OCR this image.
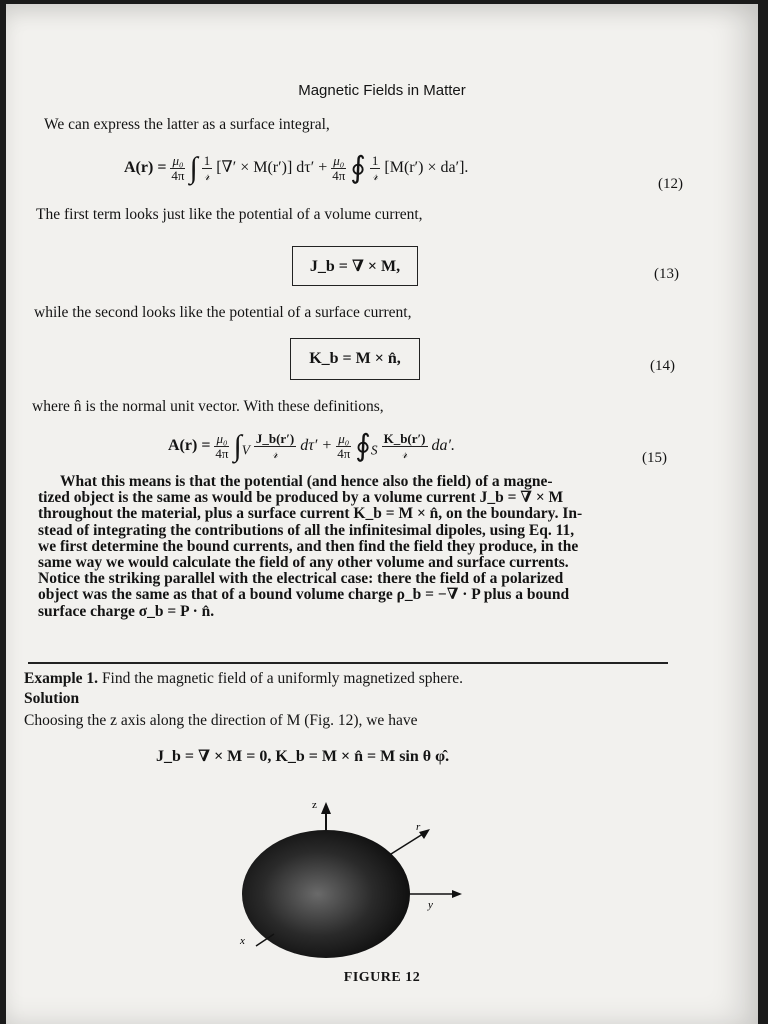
Magnetic Fields in Matter
We can express the latter as a surface integral,
$A(r) = \frac{\text{μ₀}}{4\pi}$ ∫ $\frac{1}{\text{𝓇}}$ [∇′ × M(r′)] $d\tau' + \frac{\text{μ₀}}{4\pi}$ ∮ $\frac{1}{\text{𝓇}} [M(r') \times da']$.
(12)
The first term looks just like the potential of a volume current,
J_b = ∇ × M,	(13)
while the second looks like the potential of a surface current,
K_b = M × n̂,	(14)
where n̂ is the normal unit vector. With these definitions,
$A(r) = \frac{\text{μ₀}}{4\pi} \int_V \frac{J\_b(r')}{\text{𝓇}} d\tau' + \frac{\text{μ₀}}{4\pi}$ $∮_S \frac{K\_b(r')}{\text{𝓇}} da'$.
(15)
What this means is that the potential (and hence also the field) of a magne-
tized object is the same as would be produced by a volume current J_b = ∇ × M
throughout the material, plus a surface current K_b = M × n̂, on the boundary. In-
stead of integrating the contributions of all the infinitesimal dipoles, using Eq. 11,
we first determine the bound currents, and then find the field they produce, in the
same way we would calculate the field of any other volume and surface currents.
Notice the striking parallel with the electrical case: there the field of a polarized
object was the same as that of a bound volume charge ρ_b = −∇ · P plus a bound
surface charge σ_b = P · n̂.
Example 1. Find the magnetic field of a uniformly magnetized sphere.
Solution
Choosing the z axis along the direction of M (Fig. 12), we have
J_b = ∇ × M = 0, K_b = M × n̂ = M sin θ φ̂.
z
r
y
x
FIGURE 12
